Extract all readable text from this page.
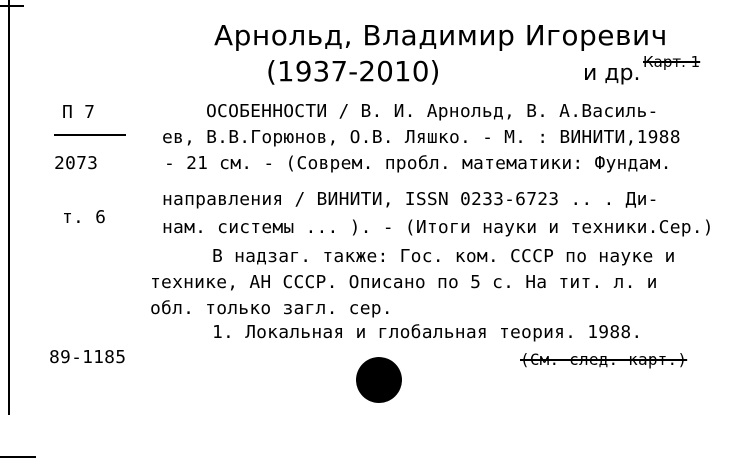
Арнольд, Владимир Игоревич
(1937-2010)	и др. Карт. 1
П 7
2073
т. 6
89-1185
ОСОБЕННОСТИ / В. И. Арнольд, В. А.Василь-
ев, В.В.Горюнов, О.В. Ляшко. - М. : ВИНИТИ,1988
- 21 см. - (Соврем. пробл. математики: Фундам.
направления / ВИНИТИ, ISSN 0233-6723 .. . Ди-
нам. системы ... ). - (Итоги науки и техники.Сер.)
В надзаг. также: Гос. ком. СССР по науке и
технике, АН СССР. Описано по 5 с. На тит. л. и
обл. только загл. сер.
1. Локальная и глобальная теория. 1988.
(См. след. карт.)
